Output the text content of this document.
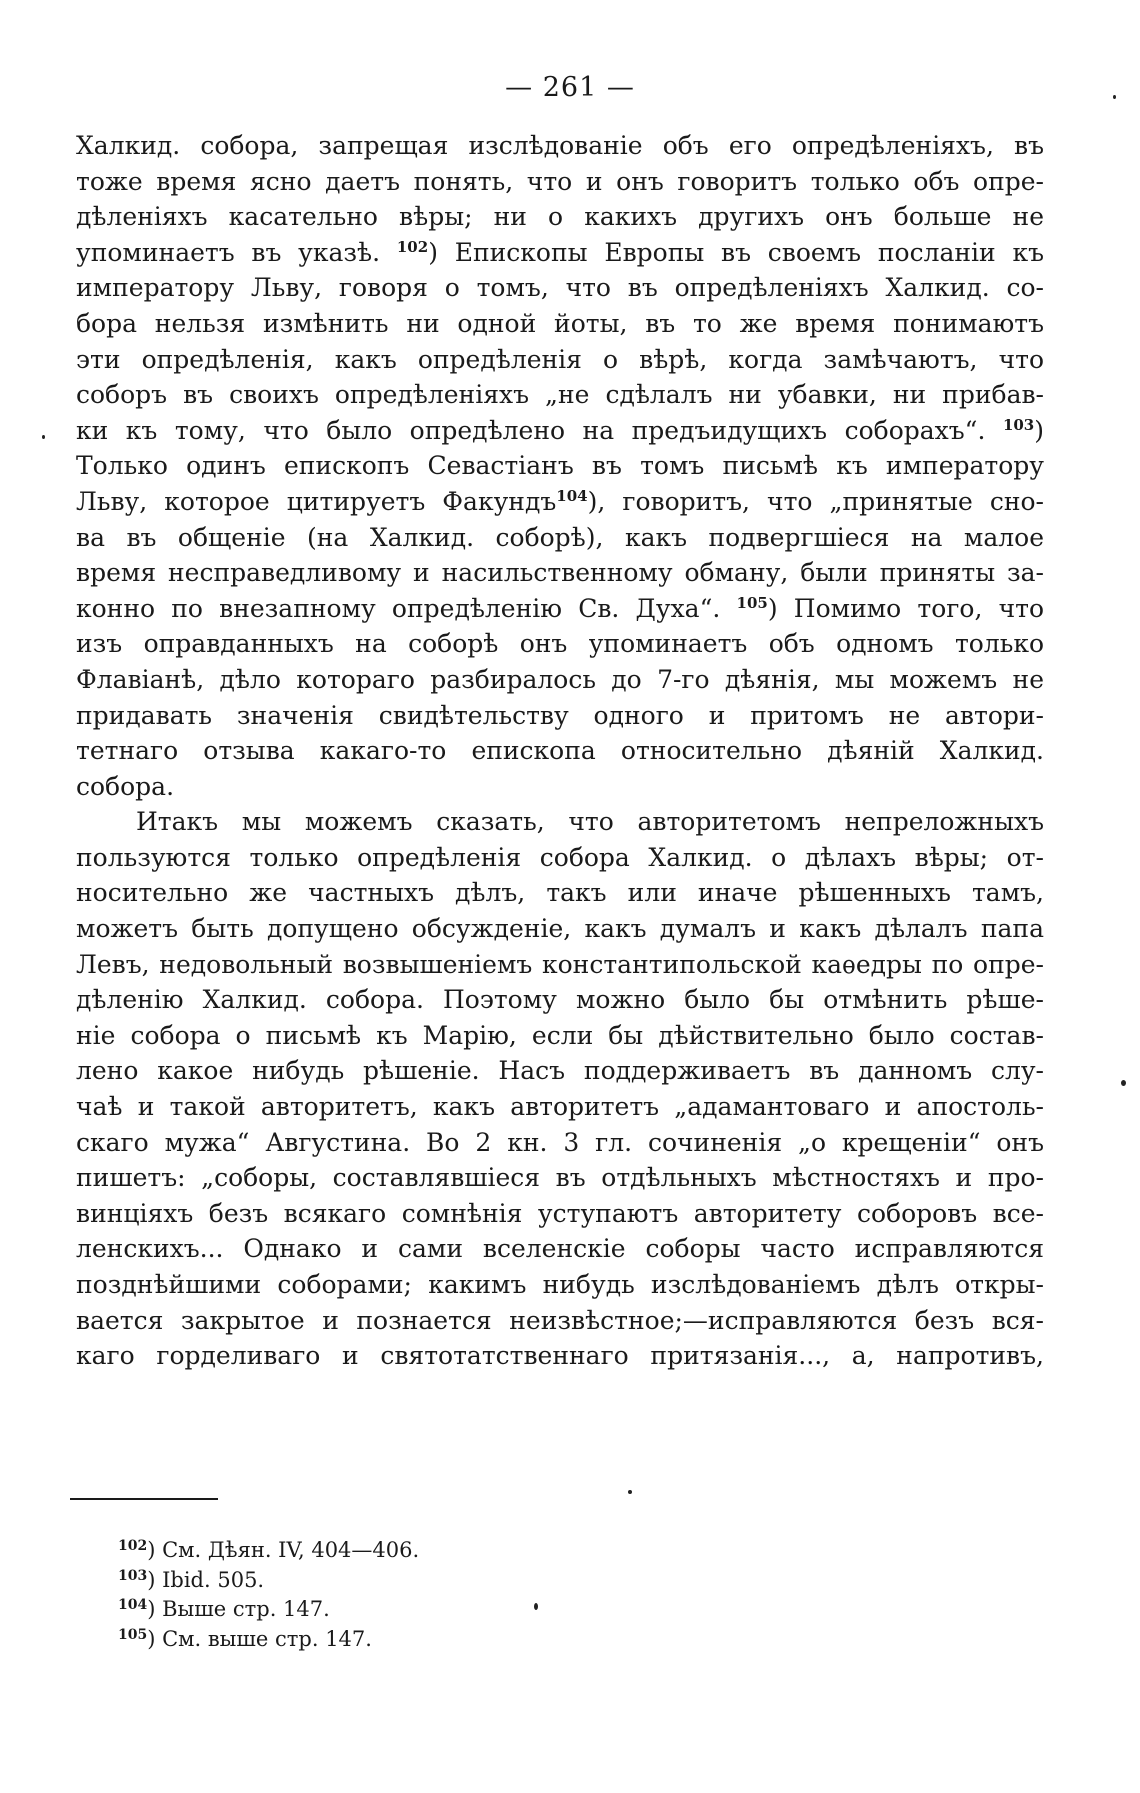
— 261 —
Халкид. собора, запрещая изслѣдованіе объ его опредѣленіяхъ, въ
тоже время ясно даетъ понять, что и онъ говоритъ только объ опре-
дѣленіяхъ касательно вѣры; ни о какихъ другихъ онъ больше не
упоминаетъ въ указѣ. $^{102}$) Епископы Европы въ своемъ посланіи къ
императору Льву, говоря о томъ, что въ опредѣленіяхъ Халкид. со-
бора нельзя измѣнить ни одной йоты, въ то же время понимаютъ
эти опредѣленія, какъ опредѣленія о вѣрѣ, когда замѣчаютъ, что
соборъ въ своихъ опредѣленіяхъ „не сдѣлалъ ни убавки, ни прибав-
ки къ тому, что было опредѣлено на предъидущихъ соборахъ“. $^{103}$)
Только одинъ епископъ Севастіанъ въ томъ письмѣ къ императору
Льву, которое цитируетъ Факундъ$^{104}$), говоритъ, что „принятые сно-
ва въ общеніе (на Халкид. соборѣ), какъ подвергшіеся на малое
время несправедливому и насильственному обману, были приняты за-
конно по внезапному опредѣленію Св. Духа“. $^{105}$) Помимо того, что
изъ оправданныхъ на соборѣ онъ упоминаетъ объ одномъ только
Флавіанѣ, дѣло котораго разбиралось до 7-го дѣянія, мы можемъ не
придавать значенія свидѣтельству одного и притомъ не автори-
тетнаго отзыва какаго-то епископа относительно дѣяній Халкид.
собора.
Итакъ мы можемъ сказать, что авторитетомъ непреложныхъ
пользуются только опредѣленія собора Халкид. о дѣлахъ вѣры; от-
носительно же частныхъ дѣлъ, такъ или иначе рѣшенныхъ тамъ,
можетъ быть допущено обсужденіе, какъ думалъ и какъ дѣлалъ папа
Левъ, недовольный возвышеніемъ константипольской каѳедры по опре-
дѣленію Халкид. собора. Поэтому можно было бы отмѣнить рѣше-
ніе собора о письмѣ къ Марію, если бы дѣйствительно было состав-
лено какое нибудь рѣшеніе. Насъ поддерживаетъ въ данномъ слу-
чаѣ и такой авторитетъ, какъ авторитетъ „адамантоваго и апостоль-
скаго мужа“ Августина. Во 2 кн. 3 гл. сочиненія „о крещеніи“ онъ
пишетъ: „соборы, составлявшіеся въ отдѣльныхъ мѣстностяхъ и про-
винціяхъ безъ всякаго сомнѣнія уступаютъ авторитету соборовъ все-
ленскихъ... Однако и сами вселенскіе соборы часто исправляются
позднѣйшими соборами; какимъ нибудь изслѣдованіемъ дѣлъ откры-
вается закрытое и познается неизвѣстное;—исправляются безъ вся-
каго горделиваго и святотатственнаго притязанія..., а, напротивъ,
$^{102}$) См. Дѣян. IV, 404—406.
$^{103}$) Ibid. 505.
$^{104}$) Выше стр. 147.
$^{105}$) См. выше стр. 147.
